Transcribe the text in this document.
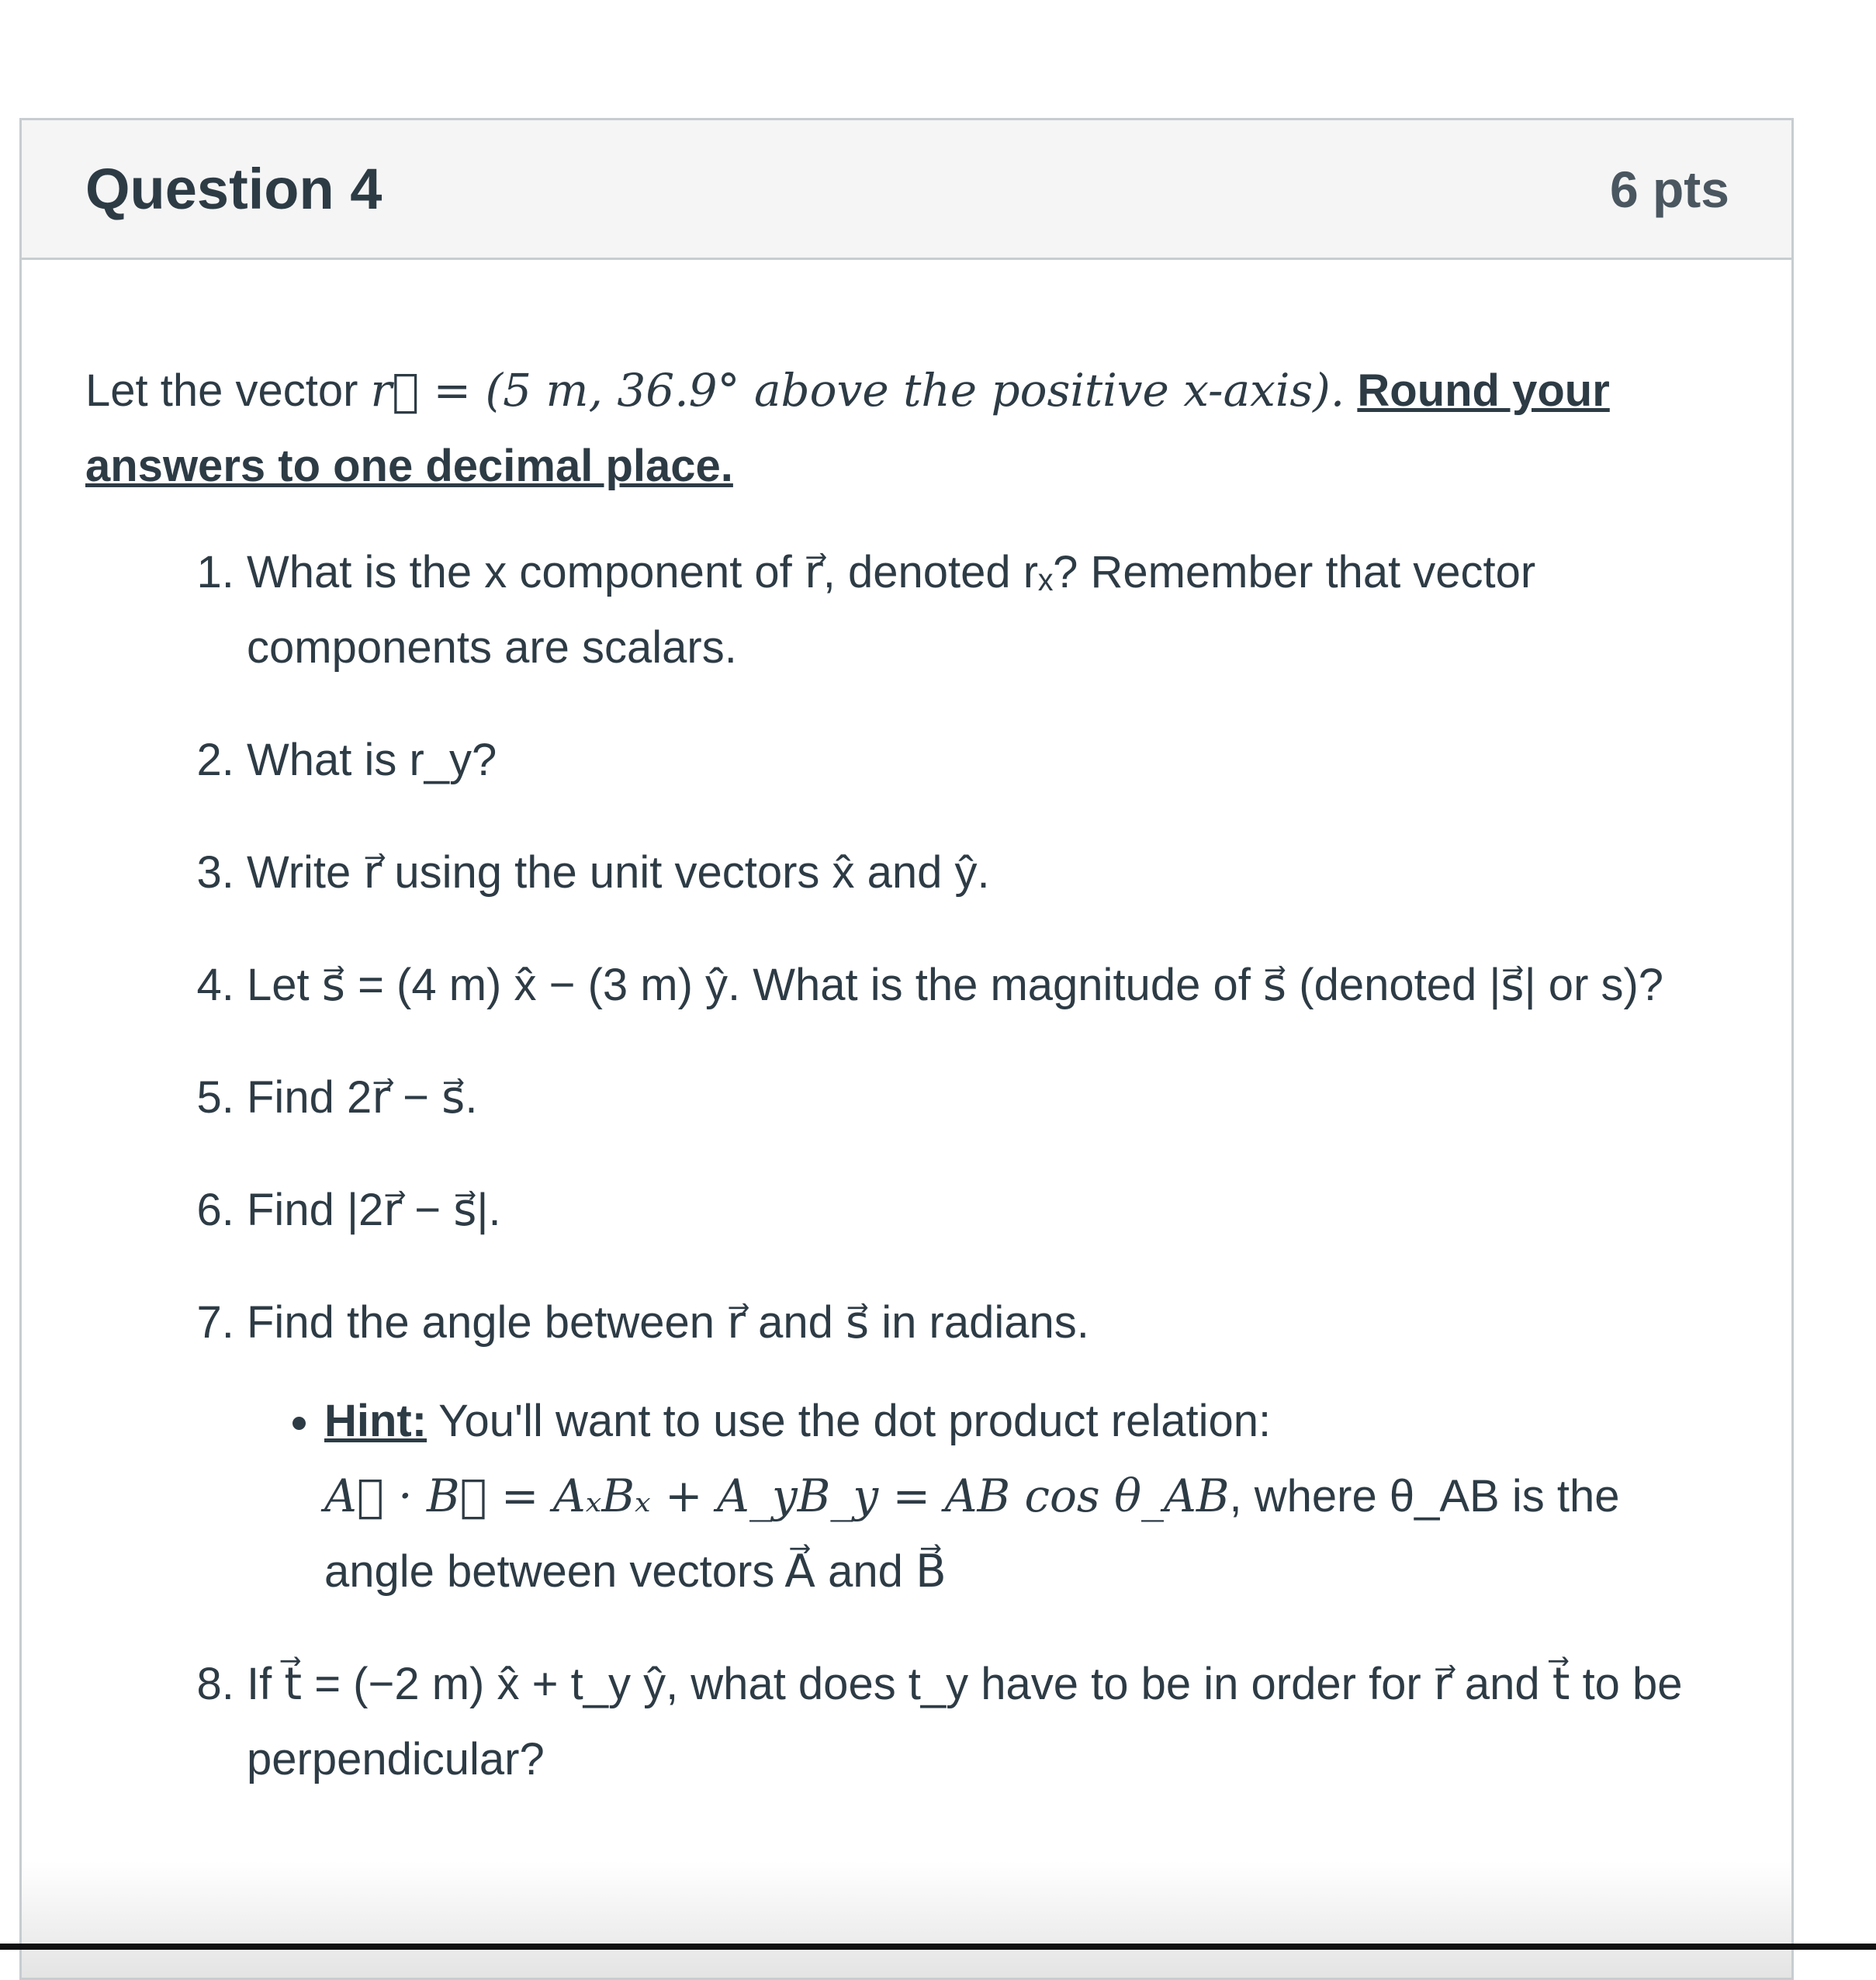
Question 4	6 pts

Let the vector r⃗ = (5 m, 36.9° above the positive x-axis). Round your answers to one decimal place.

1. What is the x component of r⃗, denoted rₓ? Remember that vector components are scalars.
2. What is r_y?
3. Write r⃗ using the unit vectors x̂ and ŷ.
4. Let s⃗ = (4 m) x̂ − (3 m) ŷ. What is the magnitude of s⃗ (denoted |s⃗| or s)?
5. Find 2r⃗ − s⃗.
6. Find |2r⃗ − s⃗|.
7. Find the angle between r⃗ and s⃗ in radians.
• Hint: You'll want to use the dot product relation:
A⃗ · B⃗ = AₓBₓ + A_yB_y = AB cos θ_AB, where θ_AB is the angle between vectors A⃗ and B⃗
8. If t⃗ = (−2 m) x̂ + t_y ŷ, what does t_y have to be in order for r⃗ and t⃗ to be perpendicular?
